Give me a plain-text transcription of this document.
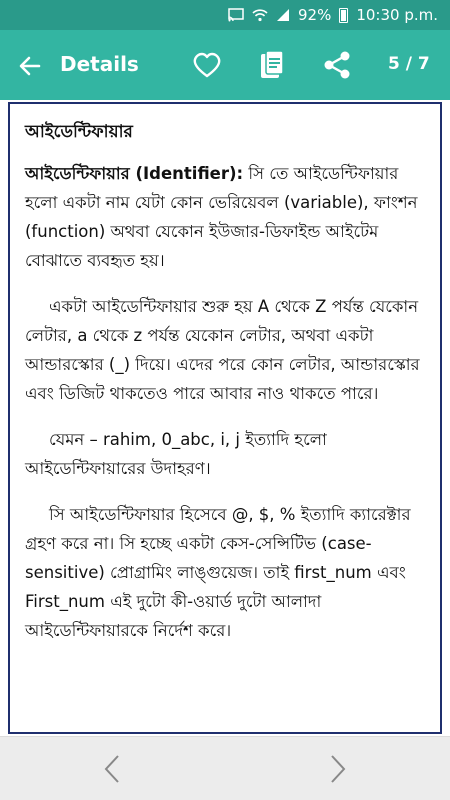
92% 10:30 p.m.
Details	5 / 7
আইডেন্টিফায়ার

আইডেন্টিফায়ার (Identifier): সি তে আইডেন্টিফায়ার হলো একটা নাম যেটা কোন ভেরিয়েবল (variable), ফাংশন (function) অথবা যেকোন ইউজার-ডিফাইন্ড আইটেম বোঝাতে ব্যবহৃত হয়।

একটা আইডেন্টিফায়ার শুরু হয় A থেকে Z পর্যন্ত যেকোন লেটার, a থেকে z পর্যন্ত যেকোন লেটার, অথবা একটা আন্ডারস্কোর (_) দিয়ে। এদের পরে কোন লেটার, আন্ডারস্কোর এবং ডিজিট থাকতেও পারে আবার নাও থাকতে পারে।

যেমন – rahim, 0_abc, i, j ইত্যাদি হলো আইডেন্টিফায়ারের উদাহরণ।

সি আইডেন্টিফায়ার হিসেবে @, $, % ইত্যাদি ক্যারেক্টার গ্রহণ করে না। সি হচ্ছে একটা কেস-সেন্সিটিভ (case-sensitive) প্রোগ্রামিং লাঙ্গুয়েজ। তাই first_num এবং First_num এই দুটো কী-ওয়ার্ড দুটো আলাদা আইডেন্টিফায়ারকে নির্দেশ করে।
